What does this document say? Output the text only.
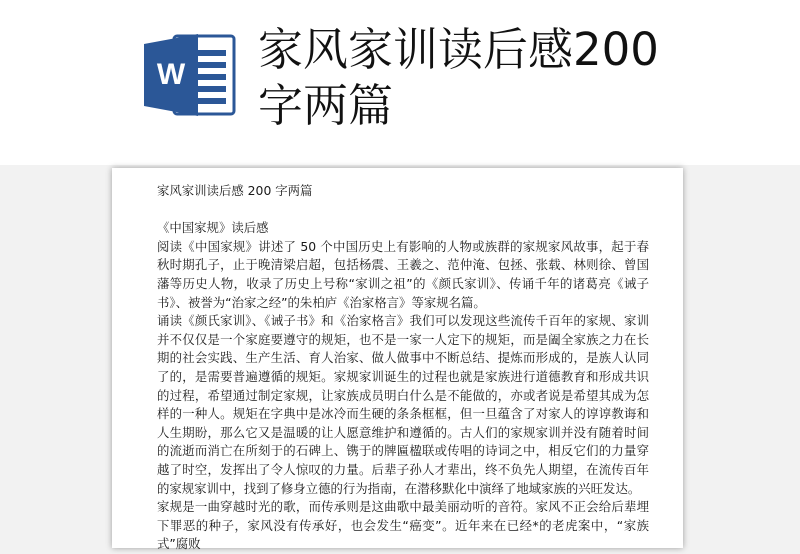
W 家风家训读后感200字两篇

家风家训读后感 200 字两篇

《中国家规》读后感

阅读《中国家规》讲述了 50 个中国历史上有影响的人物或族群的家规家风故事，起于春秋时期孔子，止于晚清梁启超，包括杨震、王羲之、范仲淹、包拯、张载、林则徐、曾国藩等历史人物，收录了历史上号称“家训之祖”的《颜氏家训》、传诵千年的诸葛亮《诫子书》、被誉为“治家之经”的朱柏庐《治家格言》等家规名篇。

诵读《颜氏家训》、《诫子书》和《治家格言》我们可以发现这些流传千百年的家规、家训并不仅仅是一个家庭要遵守的规矩，也不是一家一人定下的规矩，而是阖全家族之力在长期的社会实践、生产生活、育人治家、做人做事中不断总结、提炼而形成的，是族人认同了的，是需要普遍遵循的规矩。家规家训诞生的过程也就是家族进行道德教育和形成共识的过程，希望通过制定家规，让家族成员明白什么是不能做的，亦或者说是希望其成为怎样的一种人。规矩在字典中是冰冷而生硬的条条框框，但一旦蕴含了对家人的谆谆教诲和人生期盼，那么它又是温暖的让人愿意维护和遵循的。古人们的家规家训并没有随着时间的流逝而消亡在所刻于的石碑上、镌于的牌匾楹联或传唱的诗词之中，相反它们的力量穿越了时空，发挥出了令人惊叹的力量。后辈子孙人才辈出，终不负先人期望，在流传百年的家规家训中，找到了修身立德的行为指南，在潜移默化中演绎了地域家族的兴旺发达。

家规是一曲穿越时光的歌，而传承则是这曲歌中最美丽动听的音符。家风不正会给后辈埋下罪恶的种子，家风没有传承好，也会发生“癌变”。近年来在已经*的老虎案中，“家族式”腐败
